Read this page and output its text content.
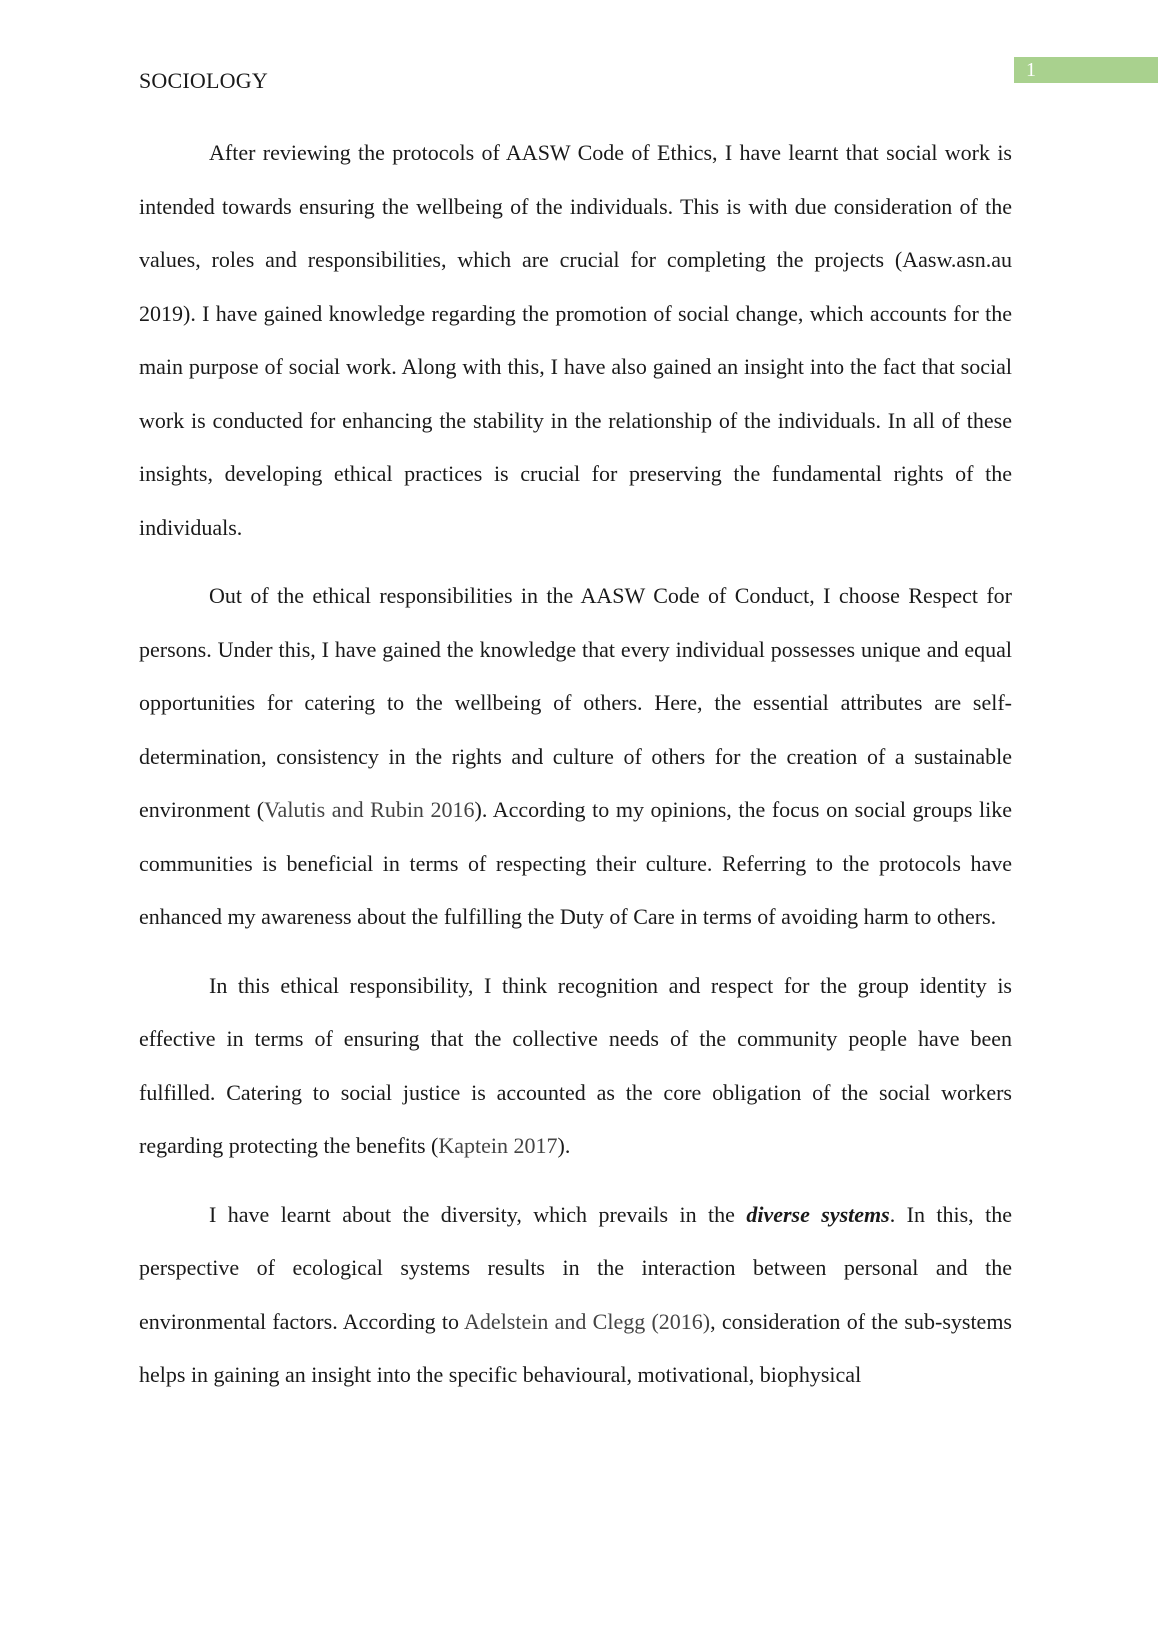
1
SOCIOLOGY

After reviewing the protocols of AASW Code of Ethics, I have learnt that social work is intended towards ensuring the wellbeing of the individuals. This is with due consideration of the values, roles and responsibilities, which are crucial for completing the projects (Aasw.asn.au 2019). I have gained knowledge regarding the promotion of social change, which accounts for the main purpose of social work. Along with this, I have also gained an insight into the fact that social work is conducted for enhancing the stability in the relationship of the individuals. In all of these insights, developing ethical practices is crucial for preserving the fundamental rights of the individuals.

Out of the ethical responsibilities in the AASW Code of Conduct, I choose Respect for persons. Under this, I have gained the knowledge that every individual possesses unique and equal opportunities for catering to the wellbeing of others. Here, the essential attributes are self-determination, consistency in the rights and culture of others for the creation of a sustainable environment (Valutis and Rubin 2016). According to my opinions, the focus on social groups like communities is beneficial in terms of respecting their culture. Referring to the protocols have enhanced my awareness about the fulfilling the Duty of Care in terms of avoiding harm to others.

In this ethical responsibility, I think recognition and respect for the group identity is effective in terms of ensuring that the collective needs of the community people have been fulfilled. Catering to social justice is accounted as the core obligation of the social workers regarding protecting the benefits (Kaptein 2017).

I have learnt about the diversity, which prevails in the diverse systems. In this, the perspective of ecological systems results in the interaction between personal and the environmental factors. According to Adelstein and Clegg (2016), consideration of the sub-systems helps in gaining an insight into the specific behavioural, motivational, biophysical
